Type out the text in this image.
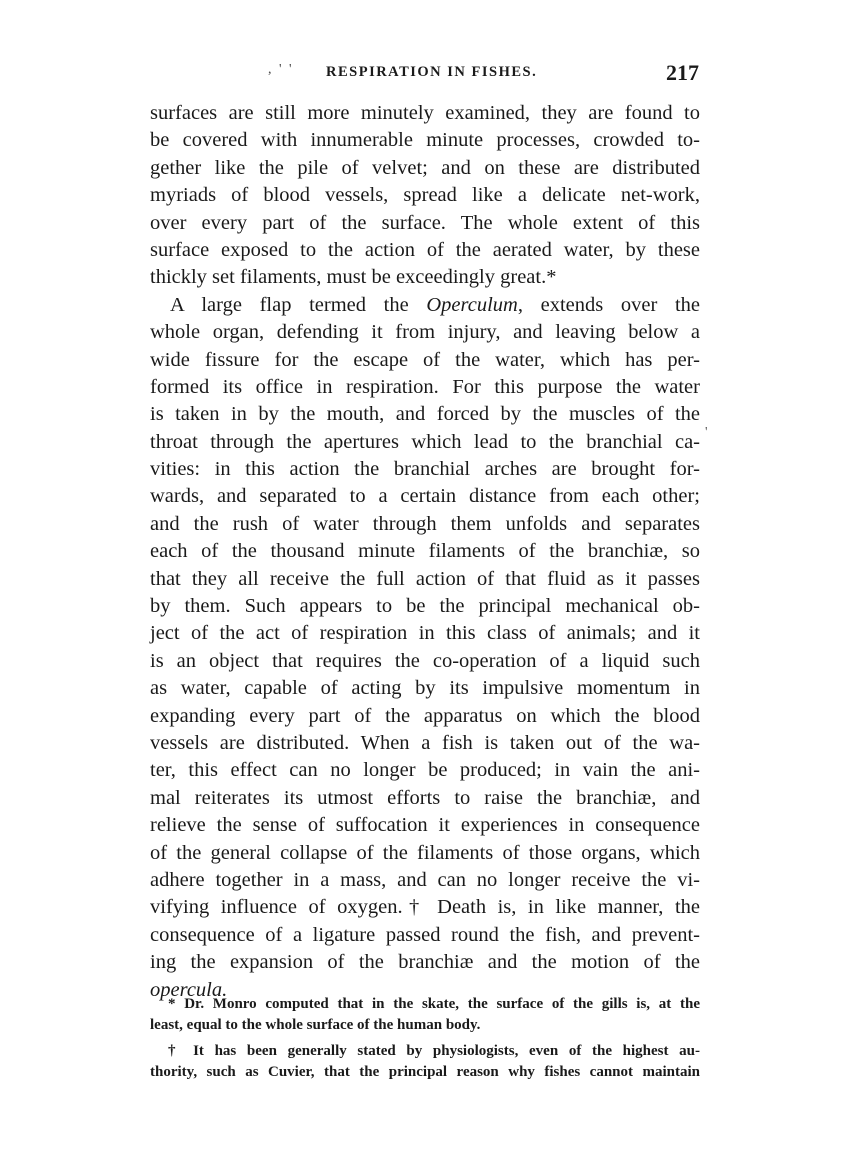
, ' ' RESPIRATION IN FISHES.	217
'
surfaces are still more minutely examined, they are found to
be covered with innumerable minute processes, crowded to-
gether like the pile of velvet; and on these are distributed
myriads of blood vessels, spread like a delicate net-work,
over every part of the surface. The whole extent of this
surface exposed to the action of the aerated water, by these
thickly set filaments, must be exceedingly great.*
A large flap termed the Operculum, extends over the
whole organ, defending it from injury, and leaving below a
wide fissure for the escape of the water, which has per-
formed its office in respiration. For this purpose the water
is taken in by the mouth, and forced by the muscles of the
throat through the apertures which lead to the branchial ca-
vities: in this action the branchial arches are brought for-
wards, and separated to a certain distance from each other;
and the rush of water through them unfolds and separates
each of the thousand minute filaments of the branchiæ, so
that they all receive the full action of that fluid as it passes
by them. Such appears to be the principal mechanical ob-
ject of the act of respiration in this class of animals; and it
is an object that requires the co-operation of a liquid such
as water, capable of acting by its impulsive momentum in
expanding every part of the apparatus on which the blood
vessels are distributed. When a fish is taken out of the wa-
ter, this effect can no longer be produced; in vain the ani-
mal reiterates its utmost efforts to raise the branchiæ, and
relieve the sense of suffocation it experiences in consequence
of the general collapse of the filaments of those organs, which
adhere together in a mass, and can no longer receive the vi-
vifying influence of oxygen.† Death is, in like manner, the
consequence of a ligature passed round the fish, and prevent-
ing the expansion of the branchiæ and the motion of the
opercula.
* Dr. Monro computed that in the skate, the surface of the gills is, at the
least, equal to the whole surface of the human body.
† It has been generally stated by physiologists, even of the highest au-
thority, such as Cuvier, that the principal reason why fishes cannot maintain
